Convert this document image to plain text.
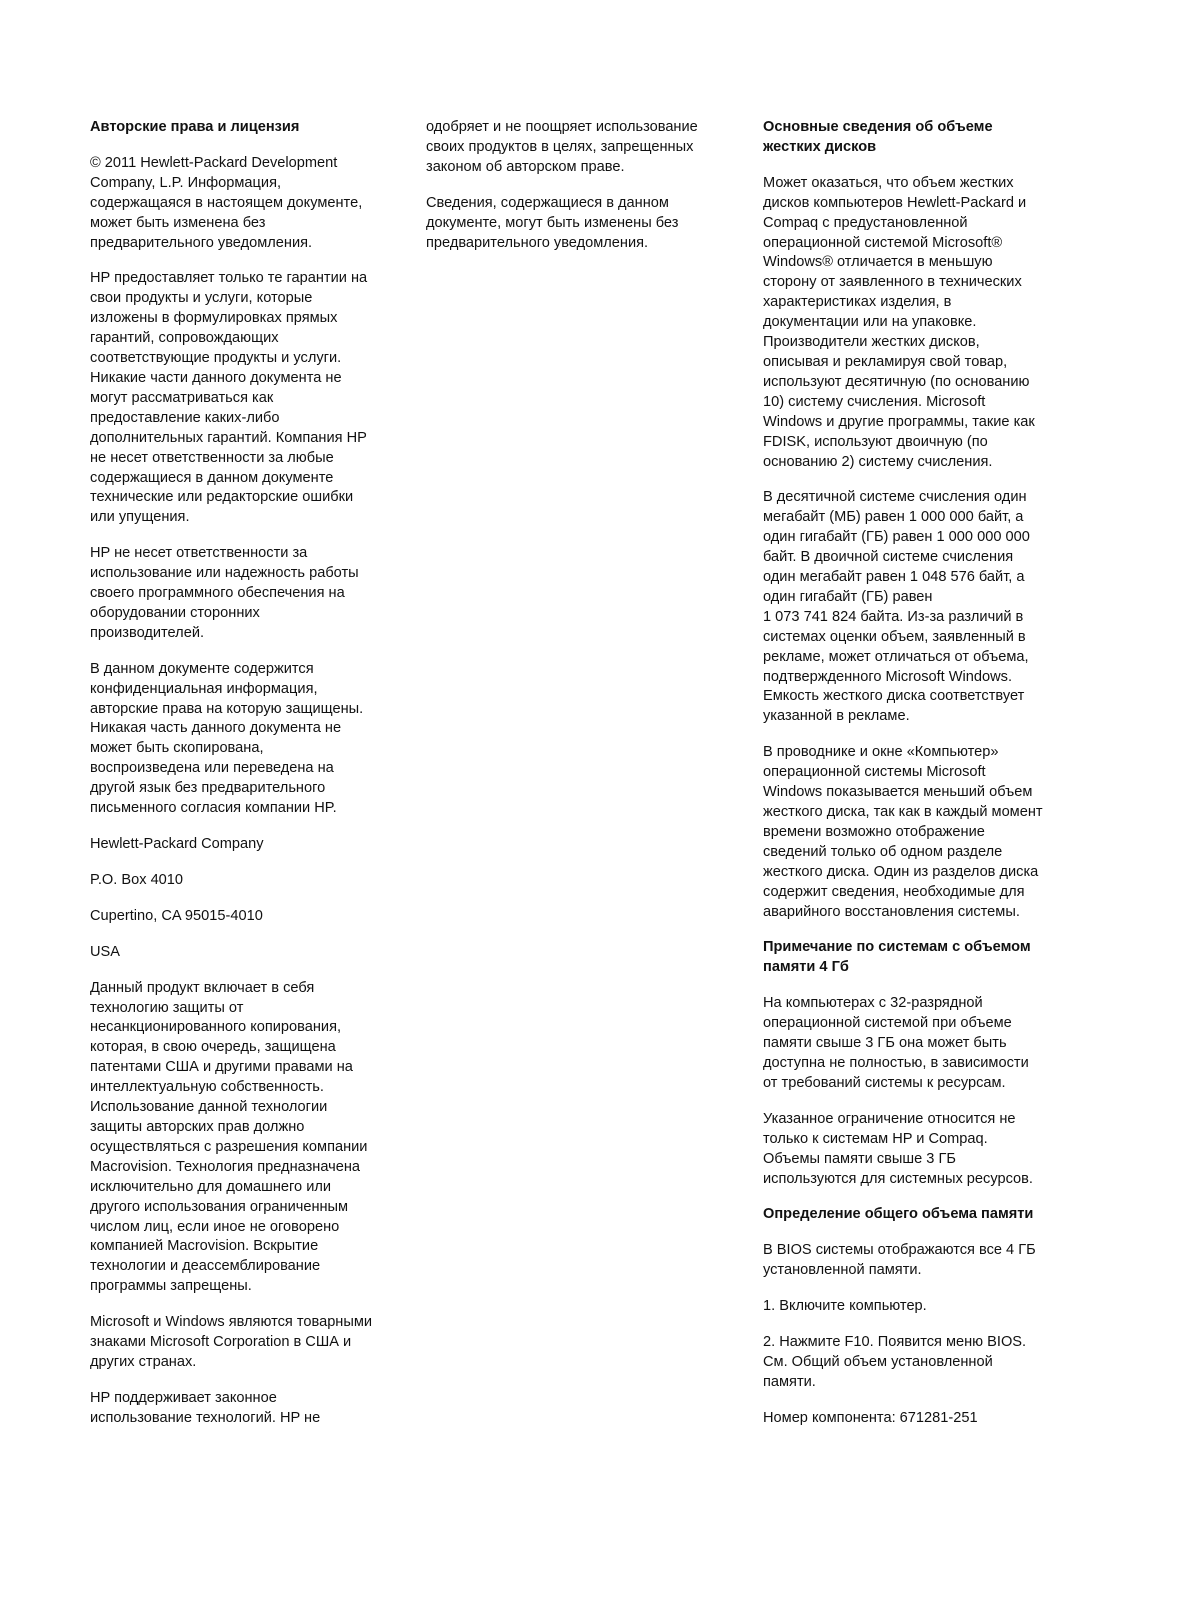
Авторские права и лицензия

© 2011 Hewlett-Packard Development
Company, L.P. Информация,
содержащаяся в настоящем документе,
может быть изменена без
предварительного уведомления.

HP предоставляет только те гарантии на
свои продукты и услуги, которые
изложены в формулировках прямых
гарантий, сопровождающих
соответствующие продукты и услуги.
Никакие части данного документа не
могут рассматриваться как
предоставление каких-либо
дополнительных гарантий. Компания HP
не несет ответственности за любые
содержащиеся в данном документе
технические или редакторские ошибки
или упущения.

HP не несет ответственности за
использование или надежность работы
своего программного обеспечения на
оборудовании сторонних
производителей.

В данном документе содержится
конфиденциальная информация,
авторские права на которую защищены.
Никакая часть данного документа не
может быть скопирована,
воспроизведена или переведена на
другой язык без предварительного
письменного согласия компании HP.

Hewlett-Packard Company

P.O. Box 4010

Cupertino, CA 95015-4010

USA

Данный продукт включает в себя
технологию защиты от
несанкционированного копирования,
которая, в свою очередь, защищена
патентами США и другими правами на
интеллектуальную собственность.
Использование данной технологии
защиты авторских прав должно
осуществляться с разрешения компании
Macrovision. Технология предназначена
исключительно для домашнего или
другого использования ограниченным
числом лиц, если иное не оговорено
компанией Macrovision. Вскрытие
технологии и деассемблирование
программы запрещены.

Microsoft и Windows являются товарными
знаками Microsoft Corporation в США и
других странах.

HP поддерживает законное
использование технологий. HP не

одобряет и не поощряет использование
своих продуктов в целях, запрещенных
законом об авторском праве.

Сведения, содержащиеся в данном
документе, могут быть изменены без
предварительного уведомления.

Основные сведения об объеме
жестких дисков

Может оказаться, что объем жестких
дисков компьютеров Hewlett-Packard и
Compaq с предустановленной
операционной системой Microsoft®
Windows® отличается в меньшую
сторону от заявленного в технических
характеристиках изделия, в
документации или на упаковке.
Производители жестких дисков,
описывая и рекламируя свой товар,
используют десятичную (по основанию
10) систему счисления. Microsoft
Windows и другие программы, такие как
FDISK, используют двоичную (по
основанию 2) систему счисления.

В десятичной системе счисления один
мегабайт (МБ) равен 1 000 000 байт, а
один гигабайт (ГБ) равен 1 000 000 000
байт. В двоичной системе счисления
один мегабайт равен 1 048 576 байт, а
один гигабайт (ГБ) равен
1 073 741 824 байта. Из-за различий в
системах оценки объем, заявленный в
рекламе, может отличаться от объема,
подтвержденного Microsoft Windows.
Емкость жесткого диска соответствует
указанной в рекламе.

В проводнике и окне «Компьютер»
операционной системы Microsoft
Windows показывается меньший объем
жесткого диска, так как в каждый момент
времени возможно отображение
сведений только об одном разделе
жесткого диска. Один из разделов диска
содержит сведения, необходимые для
аварийного восстановления системы.

Примечание по системам с объемом
памяти 4 Гб

На компьютерах с 32-разрядной
операционной системой при объеме
памяти свыше 3 ГБ она может быть
доступна не полностью, в зависимости
от требований системы к ресурсам.

Указанное ограничение относится не
только к системам HP и Compaq.
Объемы памяти свыше 3 ГБ
используются для системных ресурсов.

Определение общего объема памяти

В BIOS системы отображаются все 4 ГБ
установленной памяти.

1. Включите компьютер.

2. Нажмите F10. Появится меню BIOS.
См. Общий объем установленной
памяти.

Номер компонента: 671281-251
